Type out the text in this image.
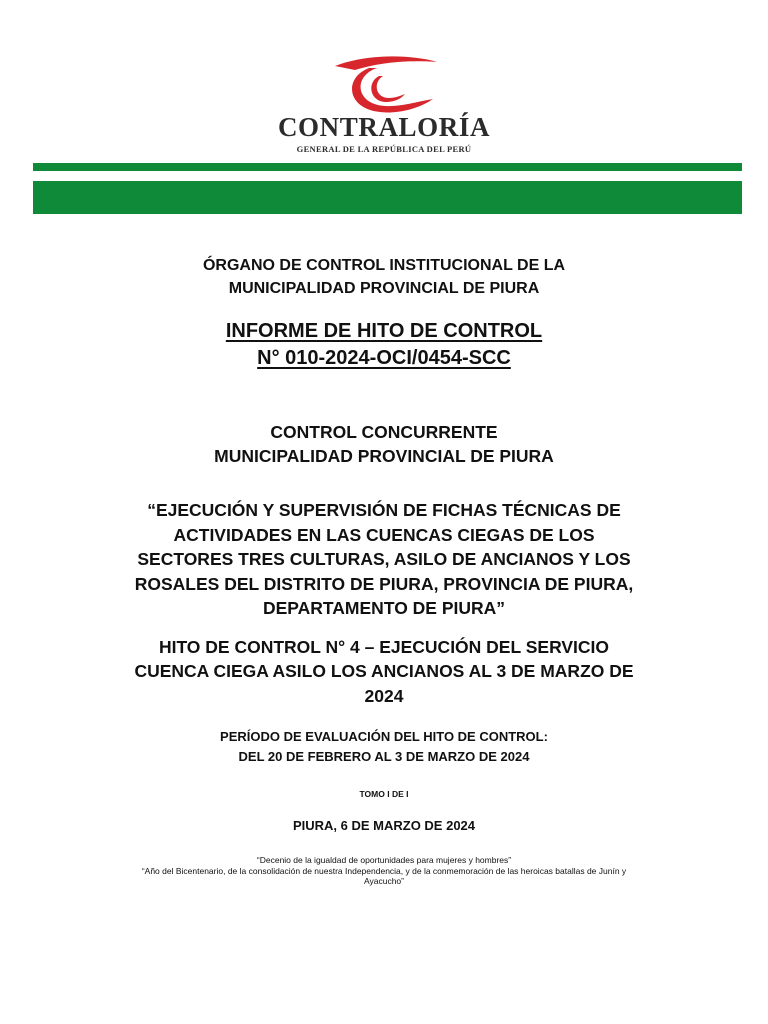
CONTRALORÍA
GENERAL DE LA REPÚBLICA DEL PERÚ
ÓRGANO DE CONTROL INSTITUCIONAL DE LA
MUNICIPALIDAD PROVINCIAL DE PIURA
INFORME DE HITO DE CONTROL
N° 010-2024-OCI/0454-SCC
CONTROL CONCURRENTE
MUNICIPALIDAD PROVINCIAL DE PIURA
“EJECUCIÓN Y SUPERVISIÓN DE FICHAS TÉCNICAS DE
ACTIVIDADES EN LAS CUENCAS CIEGAS DE LOS
SECTORES TRES CULTURAS, ASILO DE ANCIANOS Y LOS
ROSALES DEL DISTRITO DE PIURA, PROVINCIA DE PIURA,
DEPARTAMENTO DE PIURA”
HITO DE CONTROL N° 4 – EJECUCIÓN DEL SERVICIO
CUENCA CIEGA ASILO LOS ANCIANOS AL 3 DE MARZO DE
2024
PERÍODO DE EVALUACIÓN DEL HITO DE CONTROL:
DEL 20 DE FEBRERO AL 3 DE MARZO DE 2024
TOMO I DE I
PIURA, 6 DE MARZO DE 2024
“Decenio de la igualdad de oportunidades para mujeres y hombres”
“Año del Bicentenario, de la consolidación de nuestra Independencia, y de la conmemoración de las heroicas batallas de Junín y
Ayacucho”
